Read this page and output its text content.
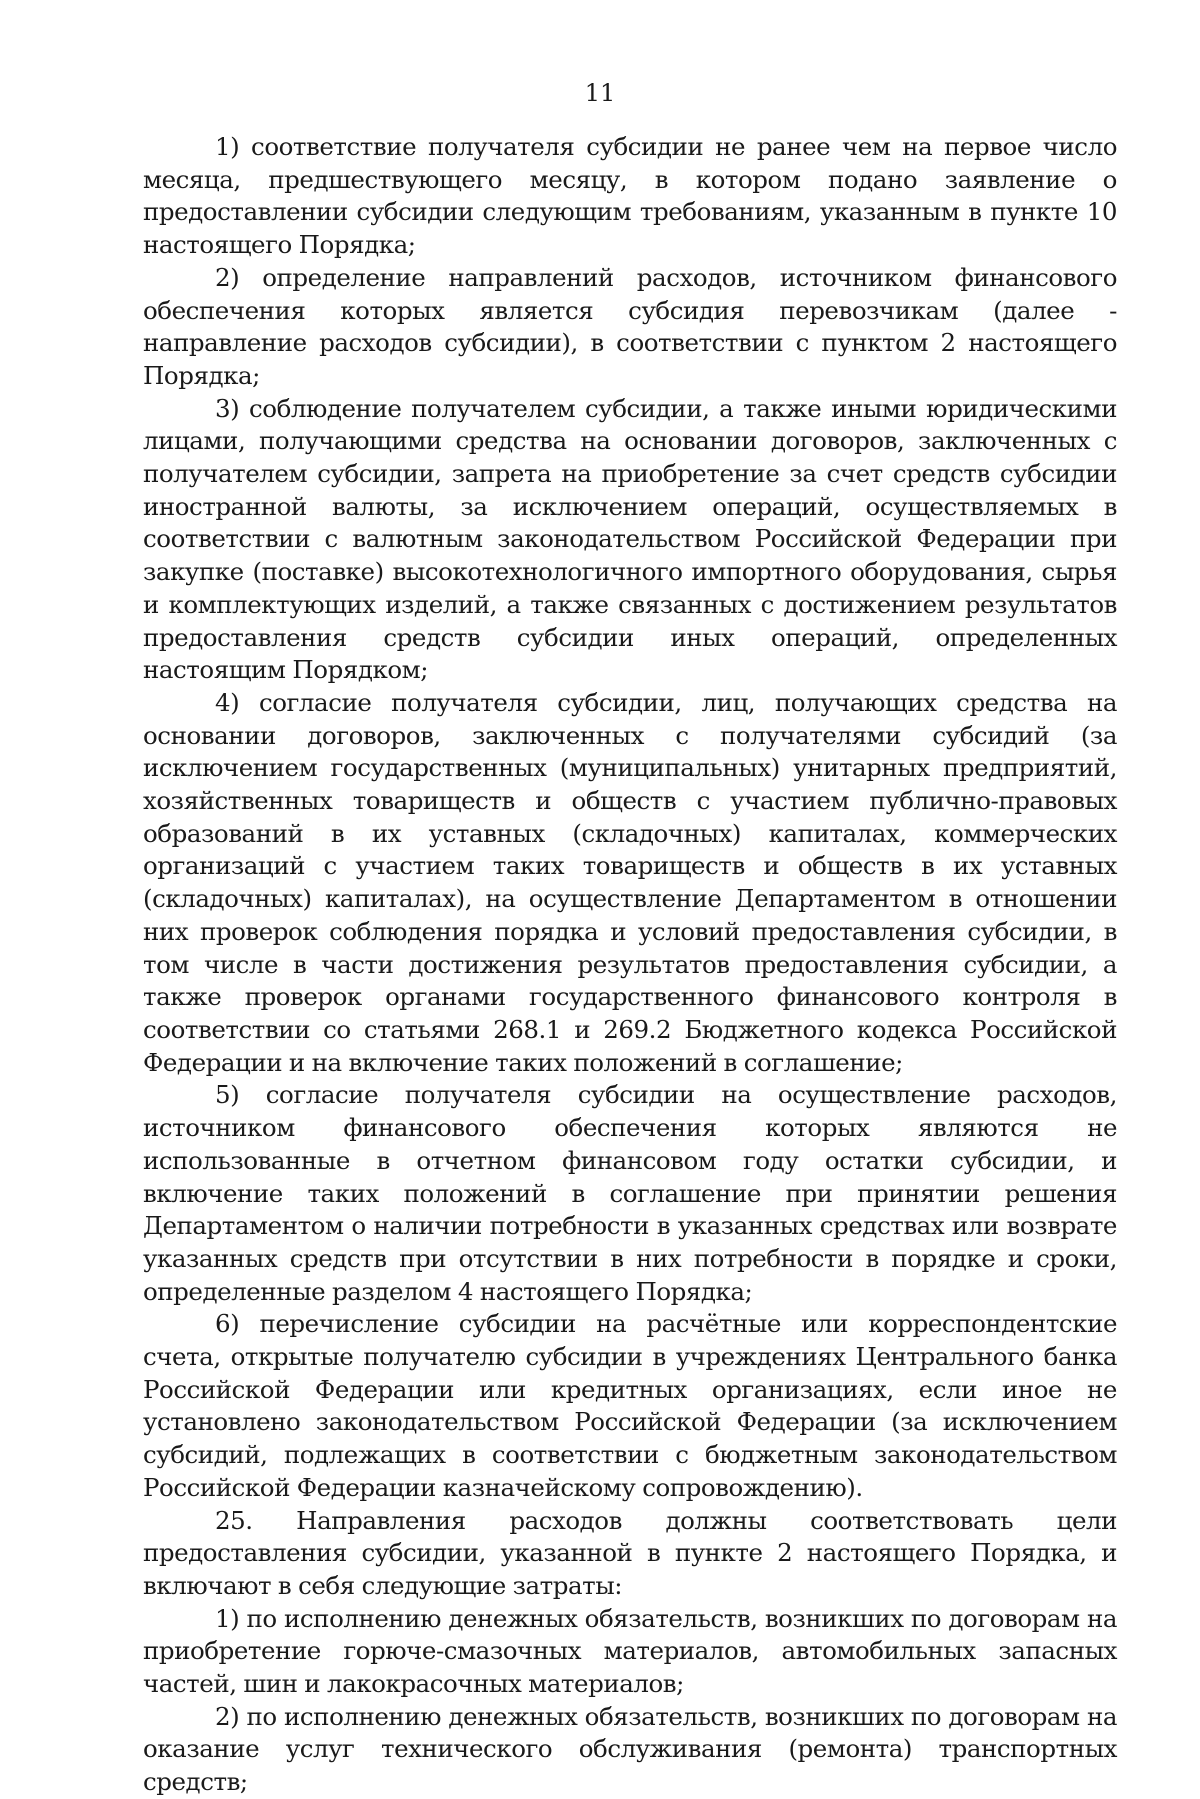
11

1) соответствие получателя субсидии не ранее чем на первое число месяца, предшествующего месяцу, в котором подано заявление о предоставлении субсидии следующим требованиям, указанным в пункте 10 настоящего Порядка;

2) определение направлений расходов, источником финансового обеспечения которых является субсидия перевозчикам (далее - направление расходов субсидии), в соответствии с пунктом 2 настоящего Порядка;

3) соблюдение получателем субсидии, а также иными юридическими лицами, получающими средства на основании договоров, заключенных с получателем субсидии, запрета на приобретение за счет средств субсидии иностранной валюты, за исключением операций, осуществляемых в соответствии с валютным законодательством Российской Федерации при закупке (поставке) высокотехнологичного импортного оборудования, сырья и комплектующих изделий, а также связанных с достижением результатов предоставления средств субсидии иных операций, определенных настоящим Порядком;

4) согласие получателя субсидии, лиц, получающих средства на основании договоров, заключенных с получателями субсидий (за исключением государственных (муниципальных) унитарных предприятий, хозяйственных товариществ и обществ с участием публично-правовых образований в их уставных (складочных) капиталах, коммерческих организаций с участием таких товариществ и обществ в их уставных (складочных) капиталах), на осуществление Департаментом в отношении них проверок соблюдения порядка и условий предоставления субсидии, в том числе в части достижения результатов предоставления субсидии, а также проверок органами государственного финансового контроля в соответствии со статьями 268.1 и 269.2 Бюджетного кодекса Российской Федерации и на включение таких положений в соглашение;

5) согласие получателя субсидии на осуществление расходов, источником финансового обеспечения которых являются не использованные в отчетном финансовом году остатки субсидии, и включение таких положений в соглашение при принятии решения Департаментом о наличии потребности в указанных средствах или возврате указанных средств при отсутствии в них потребности в порядке и сроки, определенные разделом 4 настоящего Порядка;

6) перечисление субсидии на расчётные или корреспондентские счета, открытые получателю субсидии в учреждениях Центрального банка Российской Федерации или кредитных организациях, если иное не установлено законодательством Российской Федерации (за исключением субсидий, подлежащих в соответствии с бюджетным законодательством Российской Федерации казначейскому сопровождению).

25. Направления расходов должны соответствовать цели предоставления субсидии, указанной в пункте 2 настоящего Порядка, и включают в себя следующие затраты:

1) по исполнению денежных обязательств, возникших по договорам на приобретение горюче-смазочных материалов, автомобильных запасных частей, шин и лакокрасочных материалов;

2) по исполнению денежных обязательств, возникших по договорам на оказание услуг технического обслуживания (ремонта) транспортных средств;
